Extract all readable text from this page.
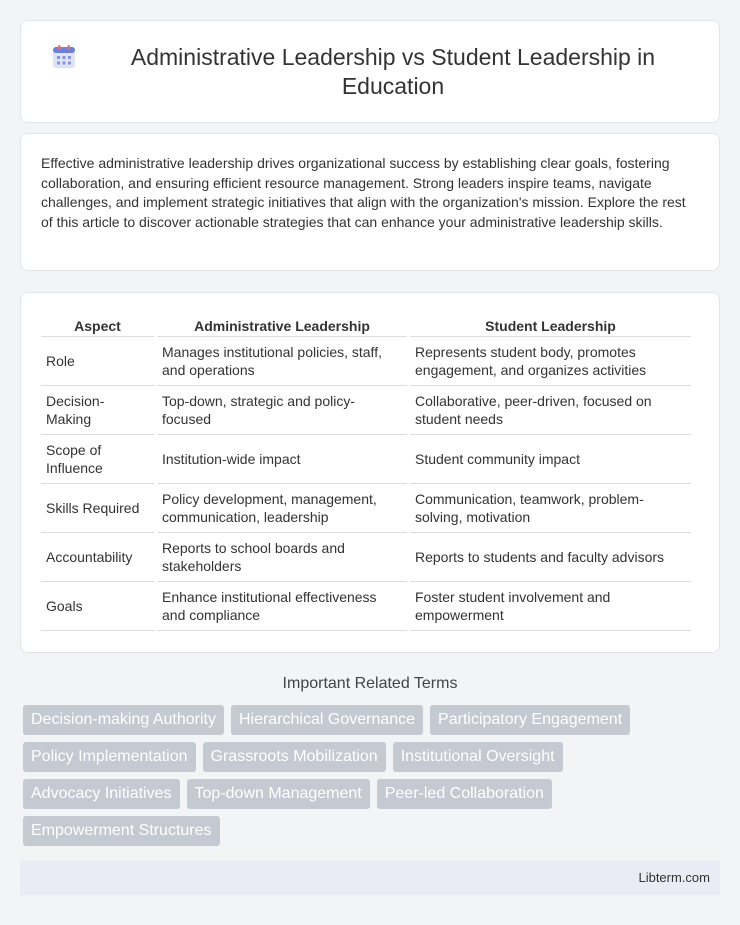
Administrative Leadership vs Student Leadership in Education

Effective administrative leadership drives organizational success by establishing clear goals, fostering collaboration, and ensuring efficient resource management. Strong leaders inspire teams, navigate challenges, and implement strategic initiatives that align with the organization's mission. Explore the rest of this article to discover actionable strategies that can enhance your administrative leadership skills.

Aspect	Administrative Leadership	Student Leadership
Role	Manages institutional policies, staff, and operations	Represents student body, promotes engagement, and organizes activities
Decision-Making	Top-down, strategic and policy-focused	Collaborative, peer-driven, focused on student needs
Scope of Influence	Institution-wide impact	Student community impact
Skills Required	Policy development, management, communication, leadership	Communication, teamwork, problem-solving, motivation
Accountability	Reports to school boards and stakeholders	Reports to students and faculty advisors
Goals	Enhance institutional effectiveness and compliance	Foster student involvement and empowerment
Important Related Terms
Decision-making Authority	Hierarchical Governance	Participatory Engagement
Policy Implementation	Grassroots Mobilization	Institutional Oversight
Advocacy Initiatives	Top-down Management	Peer-led Collaboration
Empowerment Structures
Libterm.com
